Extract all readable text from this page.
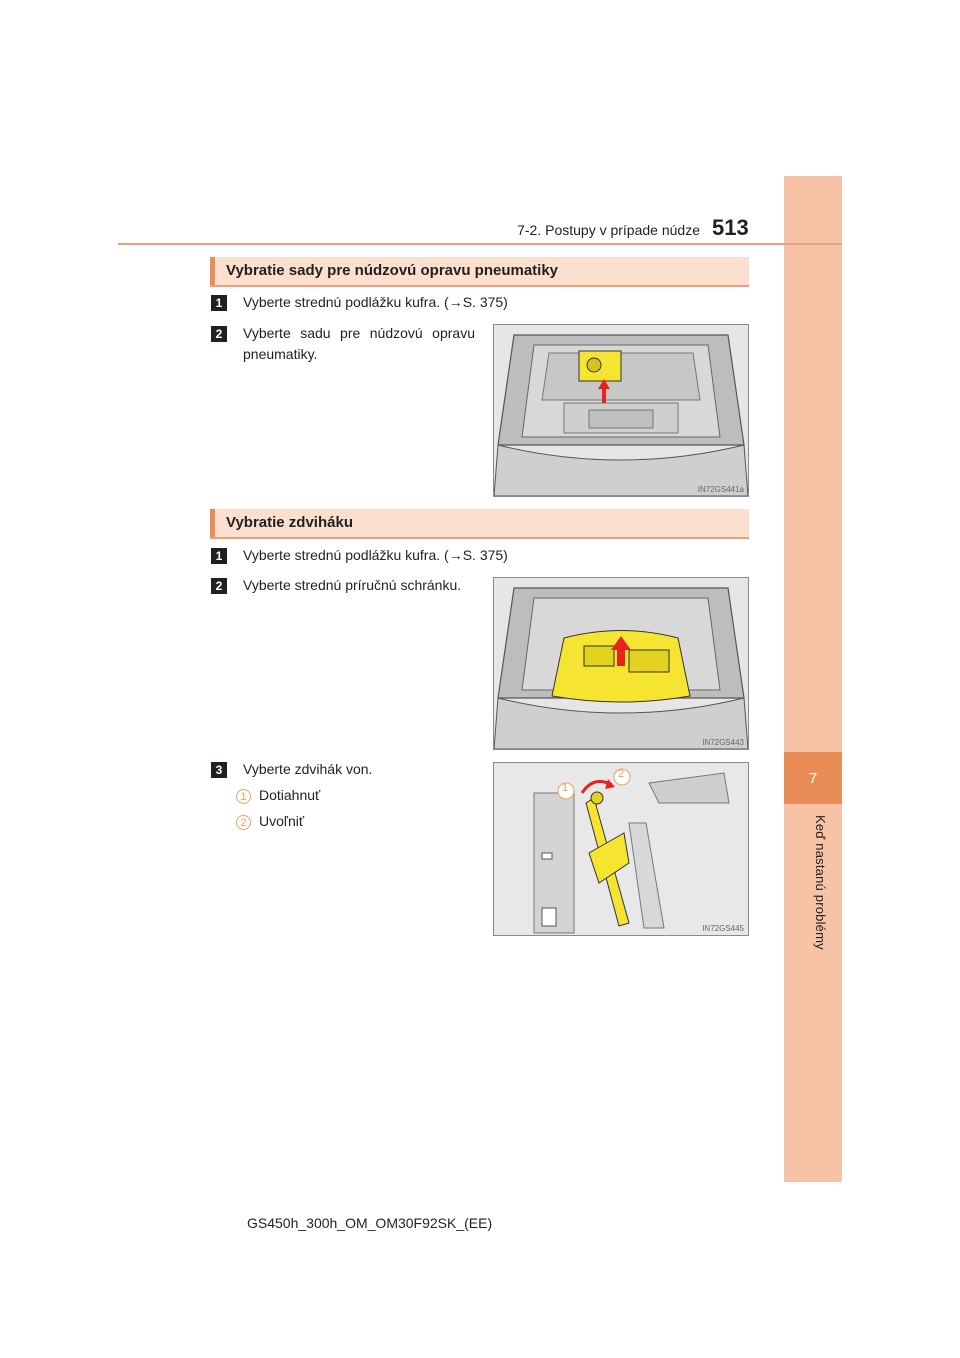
7
Keď nastanú problémy
7-2. Postupy v prípade núdze 513
Vybratie sady pre núdzovú opravu pneumatiky
1	Vyberte strednú podlážku kufra. (→S. 375)
2	Vyberte sadu pre núdzovú opravu pneumatiky.
IN72GS441a
Vybratie zdviháku
1	Vyberte strednú podlážku kufra. (→S. 375)
2	Vyberte strednú príručnú schránku.
IN72GS443
3	Vyberte zdvihák von.
1 Dotiahnuť
2 Uvoľniť
1
2
IN72GS445
GS450h_300h_OM_OM30F92SK_(EE)
